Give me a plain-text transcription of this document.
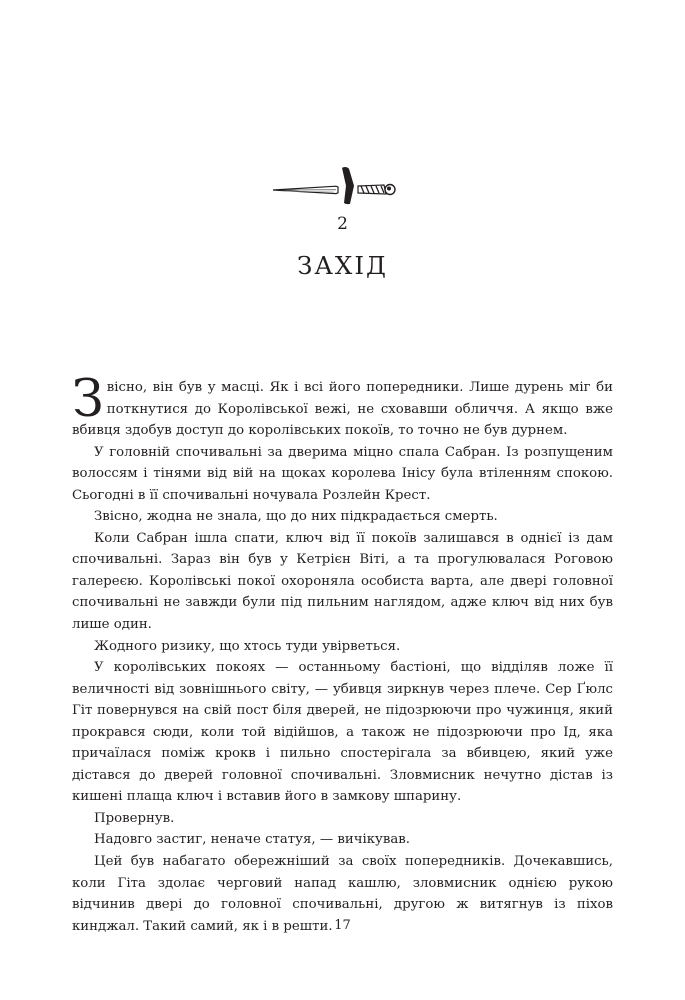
2
ЗАХІД

Звісно, він був у масці. Як і всі його попередники. Лише дурень міг би поткнутися до Королівської вежі, не сховавши обличчя. А якщо вже вбивця здобув доступ до королівських покоїв, то точно не був дурнем.

У головній спочивальні за дверима міцно спала Сабран. Із розпущеним волоссям і тінями від вій на щоках королева Інісу була втіленням спокою. Сьогодні в її спочивальні ночувала Розлейн Крест.

Звісно, жодна не знала, що до них підкрадається смерть.

Коли Сабран ішла спати, ключ від її покоїв залишався в однієї із дам спочивальні. Зараз він був у Кетрієн Віті, а та прогулювалася Роговою галереєю. Королівські покої охороняла особиста варта, але двері головної спочивальні не завжди були під пильним наглядом, адже ключ від них був лише один.

Жодного ризику, що хтось туди увірветься.

У королівських покоях — останньому бастіоні, що відділяв ложе її величності від зовнішнього світу, — убивця зиркнув через плече. Сер Ґюлс Гіт повернувся на свій пост біля дверей, не підозрюючи про чужинця, який прокрався сюди, коли той відійшов, а також не підозрюючи про Ід, яка причаїлася поміж крокв і пильно спостерігала за вбивцею, який уже дістався до дверей головної спочивальні. Зловмисник нечутно дістав із кишені плаща ключ і вставив його в замкову шпарину.

Провернув.

Надовго застиг, неначе статуя, — вичікував.

Цей був набагато обережніший за своїх попередників. Дочекавшись, коли Гіта здолає черговий напад кашлю, зловмисник однією рукою відчинив двері до головної спочивальні, другою ж витягнув із піхов кинджал. Такий самий, як і в решти. 17
